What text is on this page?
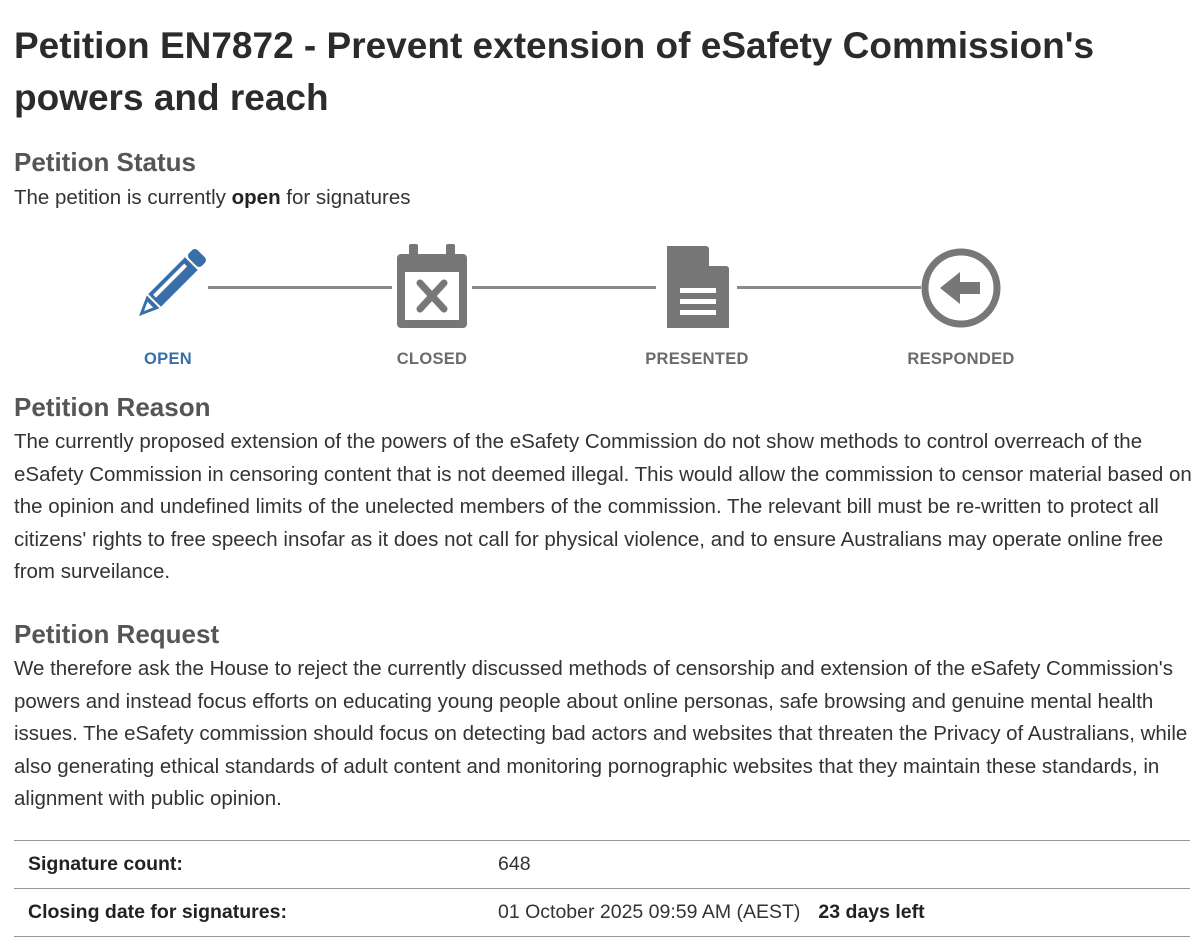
Petition EN7872 - Prevent extension of eSafety Commission's powers and reach
Petition Status
The petition is currently open for signatures
OPEN	CLOSED	PRESENTED	RESPONDED
Petition Reason

The currently proposed extension of the powers of the eSafety Commission do not show methods to control overreach of the eSafety Commission in censoring content that is not deemed illegal. This would allow the commission to censor material based on the opinion and undefined limits of the unelected members of the commission. The relevant bill must be re-written to protect all citizens' rights to free speech insofar as it does not call for physical violence, and to ensure Australians may operate online free from surveilance.

Petition Request

We therefore ask the House to reject the currently discussed methods of censorship and extension of the eSafety Commission's powers and instead focus efforts on educating young people about online personas, safe browsing and genuine mental health issues. The eSafety commission should focus on detecting bad actors and websites that threaten the Privacy of Australians, while also generating ethical standards of adult content and monitoring pornographic websites that they maintain these standards, in alignment with public opinion.

Signature count:	648
Closing date for signatures:	01 October 2025 09:59 AM (AEST) 23 days left
